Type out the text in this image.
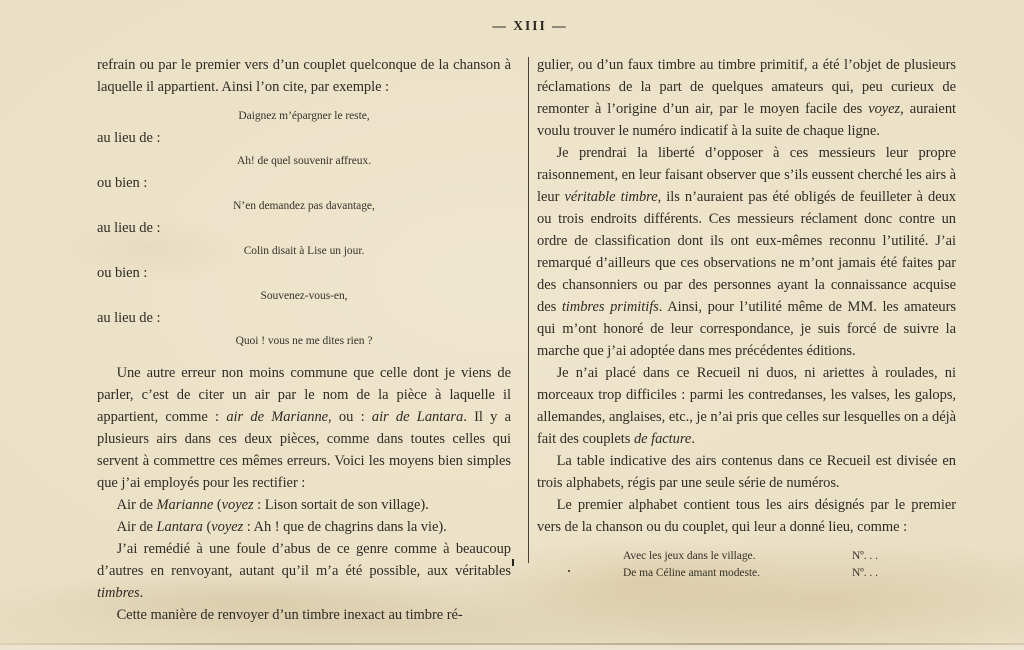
— XIII —

refrain ou par le premier vers d’un couplet quelconque de la chanson à laquelle il appartient. Ainsi l’on cite, par exemple :

Daignez m’épargner le reste,

au lieu de :

Ah! de quel souvenir affreux.

ou bien :

N’en demandez pas davantage,

au lieu de :

Colin disait à Lise un jour.

ou bien :

Souvenez-vous-en,

au lieu de :

Quoi ! vous ne me dites rien ?

Une autre erreur non moins commune que celle dont je viens de parler, c’est de citer un air par le nom de la pièce à laquelle il appartient, comme : air de Marianne, ou : air de Lantara. Il y a plusieurs airs dans ces deux pièces, comme dans toutes celles qui servent à commettre ces mêmes erreurs. Voici les moyens bien simples que j’ai employés pour les rectifier :

Air de Marianne (voyez : Lison sortait de son village).

Air de Lantara (voyez : Ah ! que de chagrins dans la vie).

J’ai remédié à une foule d’abus de ce genre comme à beaucoup d’autres en renvoyant, autant qu’il m’a été possible, aux véritables timbres.

Cette manière de renvoyer d’un timbre inexact au timbre ré-

gulier, ou d’un faux timbre au timbre primitif, a été l’objet de plusieurs réclamations de la part de quelques amateurs qui, peu curieux de remonter à l’origine d’un air, par le moyen facile des voyez, auraient voulu trouver le numéro indicatif à la suite de chaque ligne.

Je prendrai la liberté d’opposer à ces messieurs leur propre raisonnement, en leur faisant observer que s’ils eussent cherché les airs à leur véritable timbre, ils n’auraient pas été obligés de feuilleter à deux ou trois endroits différents. Ces messieurs réclament donc contre un ordre de classification dont ils ont eux-mêmes reconnu l’utilité. J’ai remarqué d’ailleurs que ces observations ne m’ont jamais été faites par des chansonniers ou par des personnes ayant la connaissance acquise des timbres primitifs. Ainsi, pour l’utilité même de MM. les amateurs qui m’ont honoré de leur correspondance, je suis forcé de suivre la marche que j’ai adoptée dans mes précédentes éditions.

Je n’ai placé dans ce Recueil ni duos, ni ariettes à roulades, ni morceaux trop difficiles : parmi les contredanses, les valses, les galops, allemandes, anglaises, etc., je n’ai pris que celles sur lesquelles on a déjà fait des couplets de facture.

La table indicative des airs contenus dans ce Recueil est divisée en trois alphabets, régis par une seule série de numéros.

Le premier alphabet contient tous les airs désignés par le premier vers de la chanson ou du couplet, qui leur a donné lieu, comme :

Avec les jeux dans le village.	Nº. . .
De ma Céline amant modeste.	Nº. . .
